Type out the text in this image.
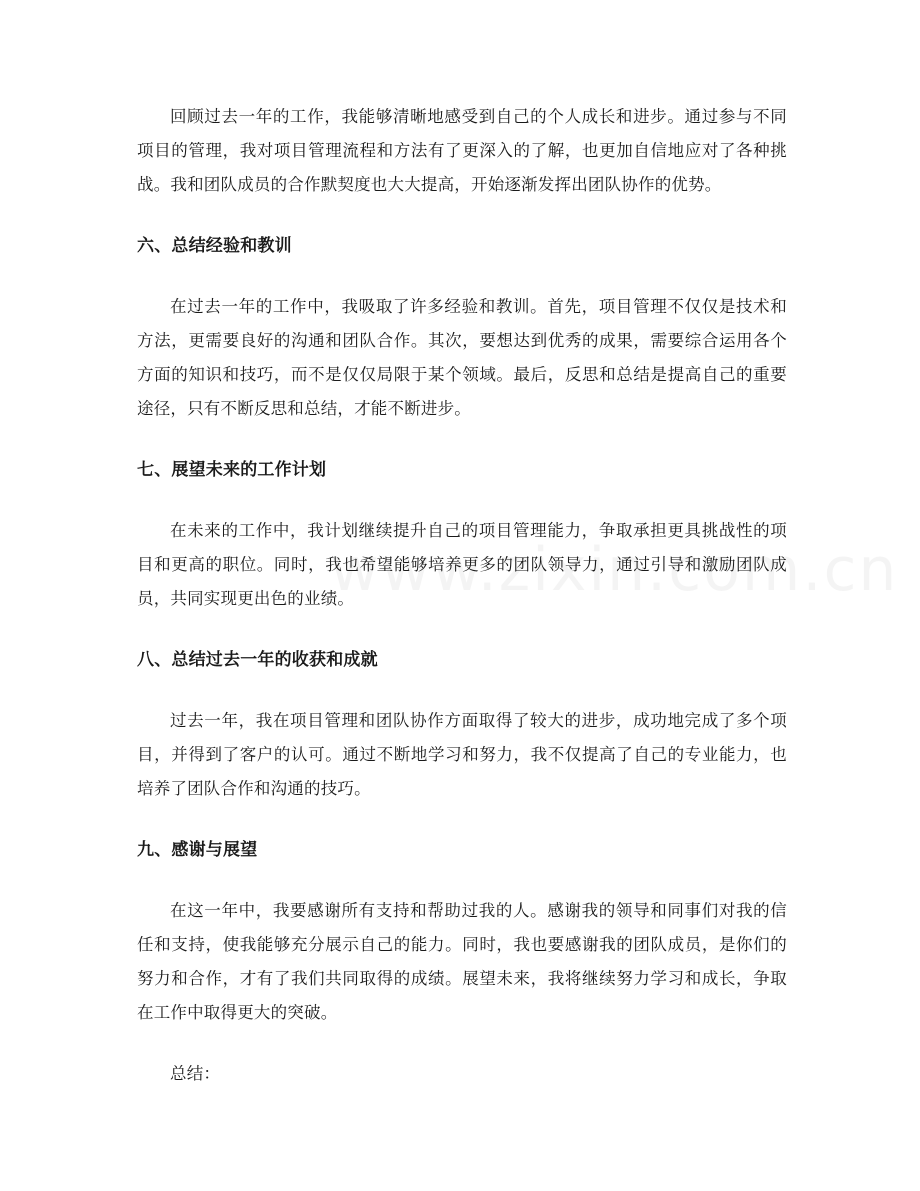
回顾过去一年的工作，我能够清晰地感受到自己的个人成长和进步。通过参与不同项目的管理，我对项目管理流程和方法有了更深入的了解，也更加自信地应对了各种挑战。我和团队成员的合作默契度也大大提高，开始逐渐发挥出团队协作的优势。

六、总结经验和教训

在过去一年的工作中，我吸取了许多经验和教训。首先，项目管理不仅仅是技术和方法，更需要良好的沟通和团队合作。其次，要想达到优秀的成果，需要综合运用各个方面的知识和技巧，而不是仅仅局限于某个领域。最后，反思和总结是提高自己的重要途径，只有不断反思和总结，才能不断进步。

七、展望未来的工作计划

在未来的工作中，我计划继续提升自己的项目管理能力，争取承担更具挑战性的项目和更高的职位。同时，我也希望能够培养更多的团队领导力，通过引导和激励团队成员，共同实现更出色的业绩。

八、总结过去一年的收获和成就

过去一年，我在项目管理和团队协作方面取得了较大的进步，成功地完成了多个项目，并得到了客户的认可。通过不断地学习和努力，我不仅提高了自己的专业能力，也培养了团队合作和沟通的技巧。

九、感谢与展望

在这一年中，我要感谢所有支持和帮助过我的人。感谢我的领导和同事们对我的信任和支持，使我能够充分展示自己的能力。同时，我也要感谢我的团队成员，是你们的努力和合作，才有了我们共同取得的成绩。展望未来，我将继续努力学习和成长，争取在工作中取得更大的突破。

总结：
